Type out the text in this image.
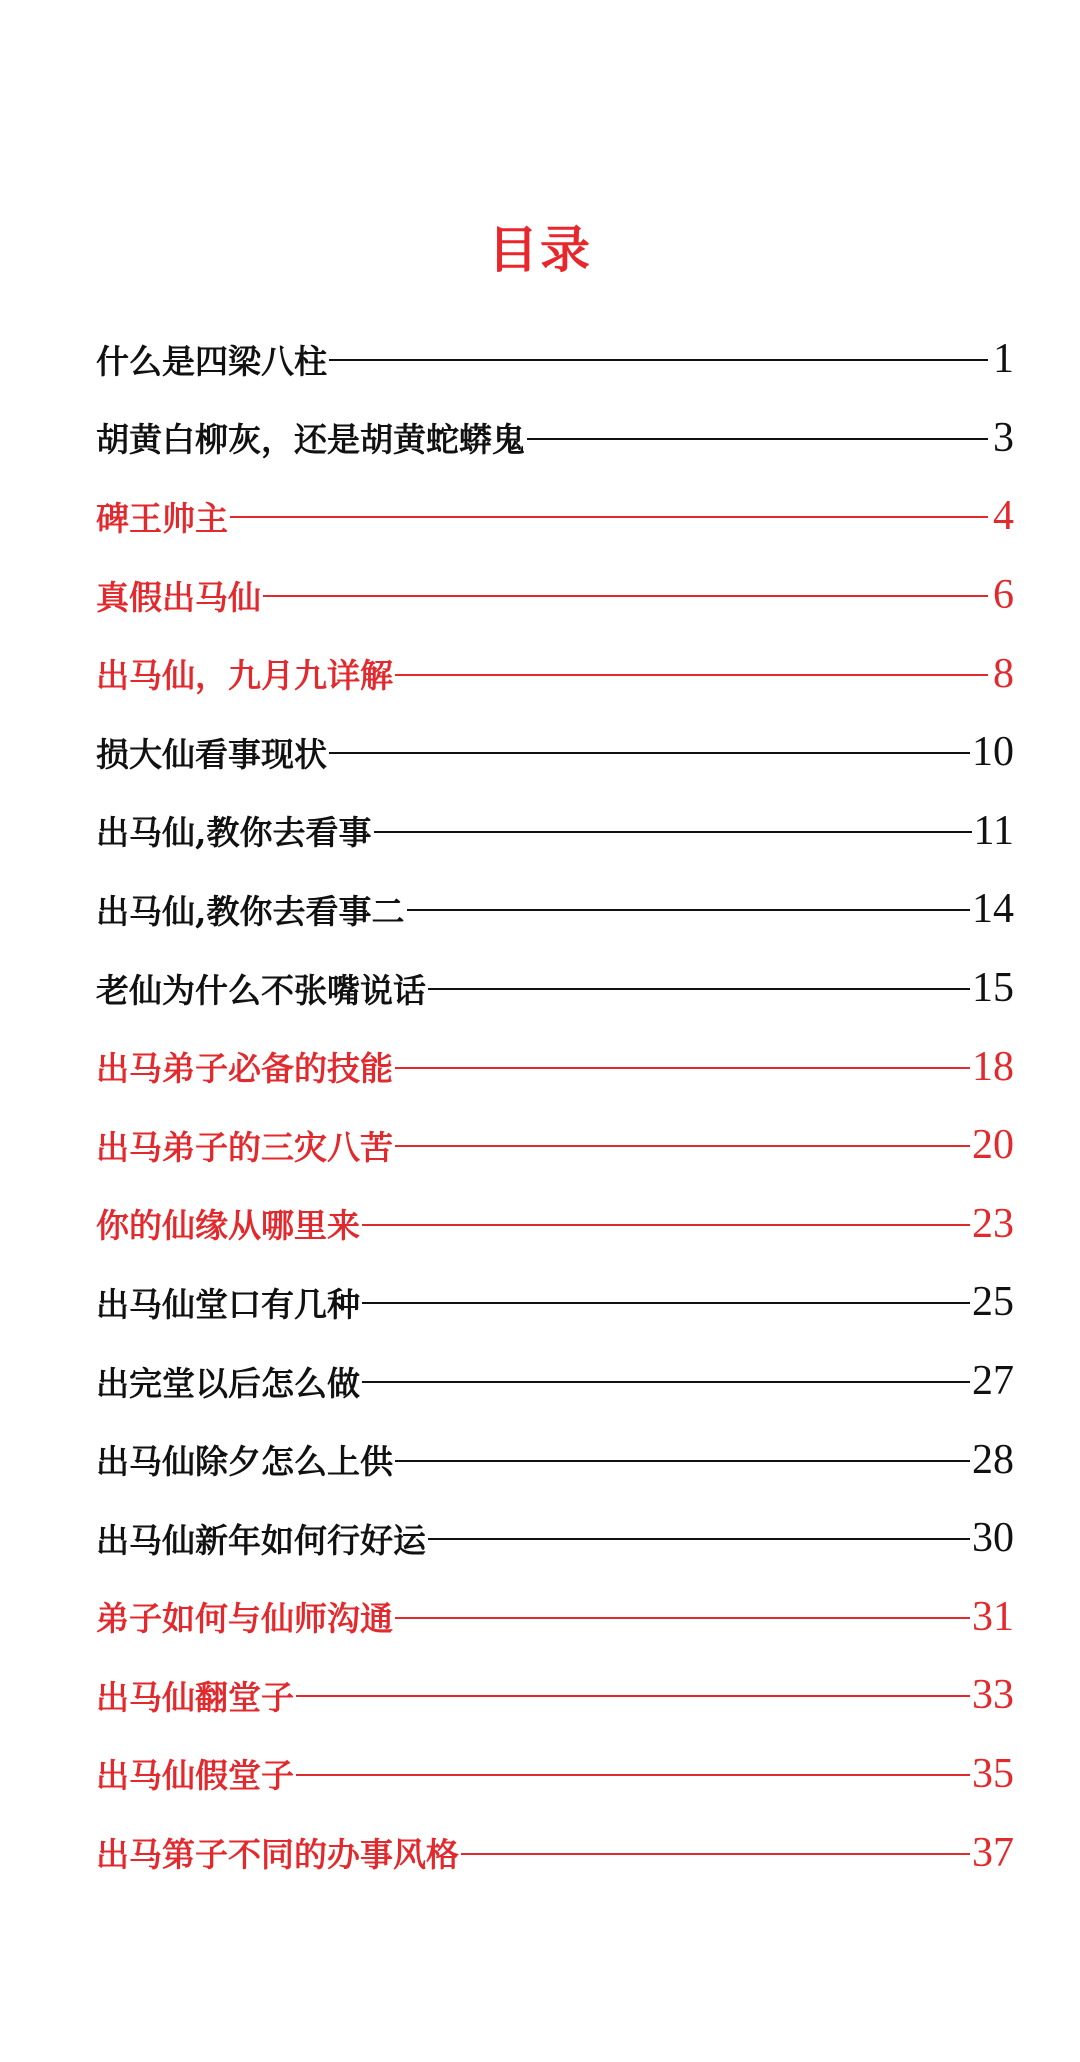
目录
什么是四梁八柱	1
胡黄白柳灰，还是胡黄蛇蟒鬼	3
碑王帅主	4
真假出马仙	6
出马仙，九月九详解	8
损大仙看事现状	10
出马仙,教你去看事	11
出马仙,教你去看事二	14
老仙为什么不张嘴说话	15
出马弟子必备的技能	18
出马弟子的三灾八苦	20
你的仙缘从哪里来	23
出马仙堂口有几种	25
出完堂以后怎么做	27
出马仙除夕怎么上供	28
出马仙新年如何行好运	30
弟子如何与仙师沟通	31
出马仙翻堂子	33
出马仙假堂子	35
出马第子不同的办事风格	37
